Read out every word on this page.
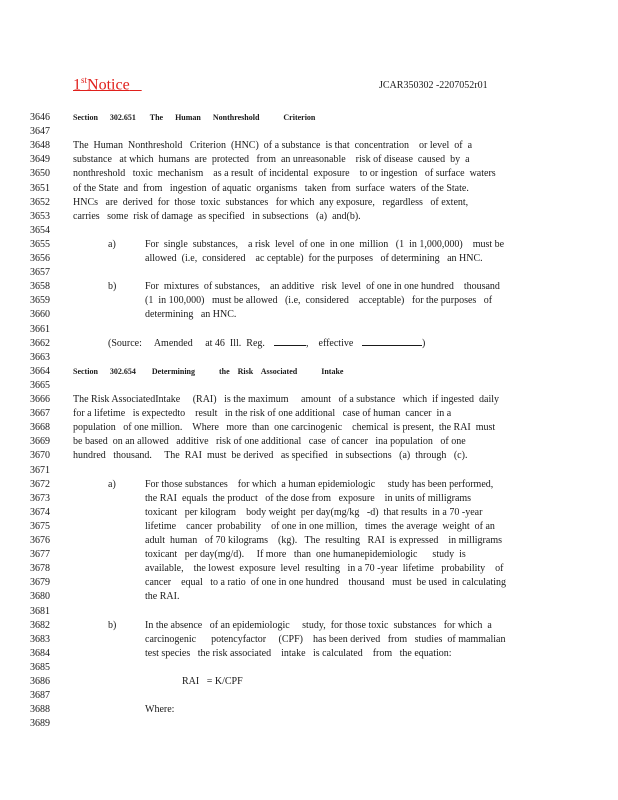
1stNotice	JCAR350302 -2207052r01
3646	Section      302.651       The      Human      Nonthreshold            Criterion
3647
3648	The  Human  Nonthreshold   Criterion  (HNC)  of a substance  is that  concentration    or level  of  a
3649	substance   at which  humans  are  protected   from  an unreasonable    risk of disease  caused  by  a
3650	nonthreshold   toxic  mechanism    as a result  of incidental  exposure    to or ingestion   of surface  waters
3651	of the State  and  from   ingestion  of aquatic  organisms   taken  from  surface  waters  of the State.
3652	HNCs   are  derived  for  those  toxic  substances   for which  any exposure,   regardless   of extent,
3653	carries   some  risk of damage  as specified   in subsections   (a)  and(b).
3654
3655	a)	For  single  substances,    a risk  level  of one  in one  million   (1  in 1,000,000)    must be
3656	allowed  (i.e,  considered    ac ceptable)  for the purposes   of determining   an HNC.
3657
3658	b)	For  mixtures  of substances,    an additive   risk  level  of one in one hundred    thousand
3659	(1  in 100,000)   must be allowed   (i.e,  considered    acceptable)   for the purposes   of
3660	determining   an HNC.
3661
3662	(Source:     Amended     at 46  Ill.  Reg.	,    effective	)
3663
3664	Section      302.654        Determining            the    Risk    Associated            Intake
3665
3666	The Risk AssociatedIntake     (RAI)   is the maximum     amount   of a substance   which  if ingested  daily
3667	for a lifetime   is expectedto    result   in the risk of one additional   case of human  cancer  in a
3668	population   of one million.    Where   more  than  one carcinogenic    chemical  is present,  the RAI  must
3669	be based  on an allowed   additive   risk of one additional   case  of cancer   ina population   of one
3670	hundred   thousand.     The  RAI  must  be derived   as specified   in subsections   (a)  through   (c).
3671
3672	a)	For those substances    for which  a human epidemiologic     study has been performed,
3673	the RAI  equals  the product   of the dose from   exposure    in units of milligrams
3674	toxicant   per kilogram    body weight  per day(mg/kg   -d)  that results  in a 70 -year
3675	lifetime    cancer  probability    of one in one million,   times  the average  weight  of an
3676	adult  human   of 70 kilograms    (kg).   The  resulting   RAI  is expressed    in milligrams
3677	toxicant   per day(mg/d).     If more   than  one humanepidemiologic      study  is
3678	available,    the lowest  exposure  level  resulting   in a 70 -year  lifetime   probability    of
3679	cancer    equal   to a ratio  of one in one hundred    thousand   must  be used  in calculating
3680	the RAI.
3681
3682	b)	In the absence   of an epidemiologic     study,  for those toxic  substances   for which  a
3683	carcinogenic      potencyfactor     (CPF)    has been derived   from   studies  of mammalian
3684	test species   the risk associated    intake   is calculated    from   the equation:
3685
3686	RAI   = K/CPF
3687
3688	Where:
3689
